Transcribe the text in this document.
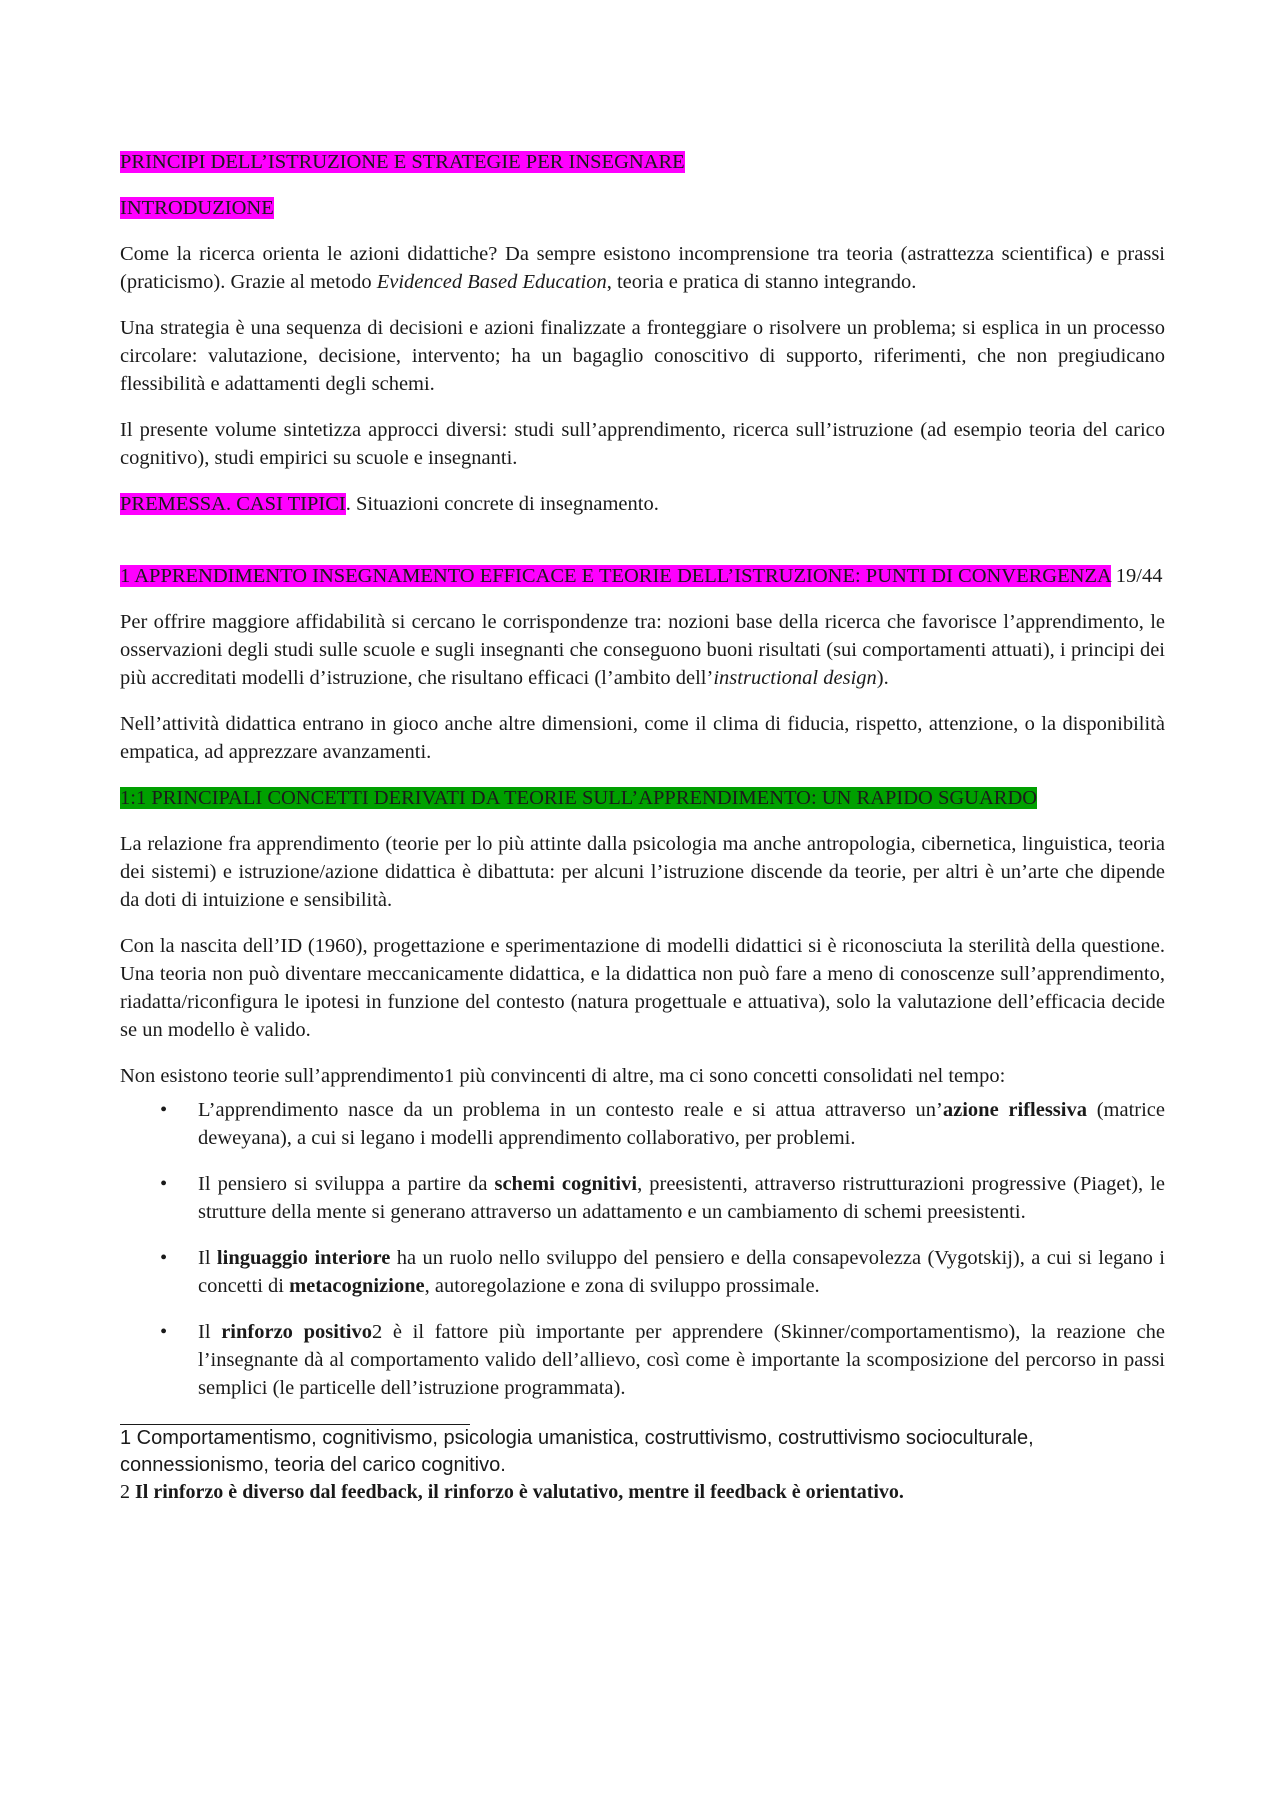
PRINCIPI DELL’ISTRUZIONE E STRATEGIE PER INSEGNARE

INTRODUZIONE

Come la ricerca orienta le azioni didattiche? Da sempre esistono incomprensione tra teoria (astrattezza scientifica) e prassi (praticismo). Grazie al metodo Evidenced Based Education, teoria e pratica di stanno integrando.

Una strategia è una sequenza di decisioni e azioni finalizzate a fronteggiare o risolvere un problema; si esplica in un processo circolare: valutazione, decisione, intervento; ha un bagaglio conoscitivo di supporto, riferimenti, che non pregiudicano flessibilità e adattamenti degli schemi.

Il presente volume sintetizza approcci diversi: studi sull’apprendimento, ricerca sull’istruzione (ad esempio teoria del carico cognitivo), studi empirici su scuole e insegnanti.

PREMESSA. CASI TIPICI. Situazioni concrete di insegnamento.

1 APPRENDIMENTO INSEGNAMENTO EFFICACE E TEORIE DELL’ISTRUZIONE: PUNTI DI CONVERGENZA 19/44

Per offrire maggiore affidabilità si cercano le corrispondenze tra: nozioni base della ricerca che favorisce l’apprendimento, le osservazioni degli studi sulle scuole e sugli insegnanti che conseguono buoni risultati (sui comportamenti attuati), i principi dei più accreditati modelli d’istruzione, che risultano efficaci (l’ambito dell’instructional design).

Nell’attività didattica entrano in gioco anche altre dimensioni, come il clima di fiducia, rispetto, attenzione, o la disponibilità empatica, ad apprezzare avanzamenti.

1:1 PRINCIPALI CONCETTI DERIVATI DA TEORIE SULL’APPRENDIMENTO: UN RAPIDO SGUARDO

La relazione fra apprendimento (teorie per lo più attinte dalla psicologia ma anche antropologia, cibernetica, linguistica, teoria dei sistemi) e istruzione/azione didattica è dibattuta: per alcuni l’istruzione discende da teorie, per altri è un’arte che dipende da doti di intuizione e sensibilità.

Con la nascita dell’ID (1960), progettazione e sperimentazione di modelli didattici si è riconosciuta la sterilità della questione. Una teoria non può diventare meccanicamente didattica, e la didattica non può fare a meno di conoscenze sull’apprendimento, riadatta/riconfigura le ipotesi in funzione del contesto (natura progettuale e attuativa), solo la valutazione dell’efficacia decide se un modello è valido.

Non esistono teorie sull’apprendimento1 più convincenti di altre, ma ci sono concetti consolidati nel tempo:

• L’apprendimento nasce da un problema in un contesto reale e si attua attraverso un’azione riflessiva (matrice deweyana), a cui si legano i modelli apprendimento collaborativo, per problemi.
• Il pensiero si sviluppa a partire da schemi cognitivi, preesistenti, attraverso ristrutturazioni progressive (Piaget), le strutture della mente si generano attraverso un adattamento e un cambiamento di schemi preesistenti.
• Il linguaggio interiore ha un ruolo nello sviluppo del pensiero e della consapevolezza (Vygotskij), a cui si legano i concetti di metacognizione, autoregolazione e zona di sviluppo prossimale.
• Il rinforzo positivo2 è il fattore più importante per apprendere (Skinner/comportamentismo), la reazione che l’insegnante dà al comportamento valido dell’allievo, così come è importante la scomposizione del percorso in passi semplici (le particelle dell’istruzione programmata).

1 Comportamentismo, cognitivismo, psicologia umanistica, costruttivismo, costruttivismo socioculturale, connessionismo, teoria del carico cognitivo.

2 Il rinforzo è diverso dal feedback, il rinforzo è valutativo, mentre il feedback è orientativo.
